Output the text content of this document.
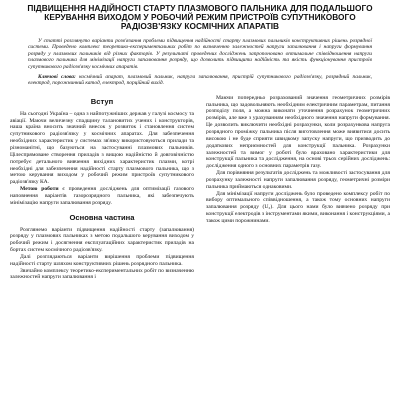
ПІДВИЩЕННЯ НАДІЙНОСТІ СТАРТУ ПЛАЗМОВОГО ПАЛЬНИКА ДЛЯ ПОДАЛЬШОГО КЕРУВАННЯ ВИХОДОМ У РОБОЧИЙ РЕЖИМ ПРИСТРОЇВ СУПУТНИКОВОГО РАДІОЗВ'ЯЗКУ КОСМІЧНИХ АПАРАТІВ

У статті розглянуто варіанти розв'язання проблеми підвищення надійності старту плазмових пальників конструктивних рішень розрядної системи. Проведено комплекс теоретико-експериментальних робіт по визначенню залежностей напруги запалювання і напруги формування розряду у плазмових пальників від різних факторів. У результаті проведених досліджень запропоновано оптимальне співвідношення напруги плазмового пальника для мінімізації напруги запалювання розряду, що дозволить підвищити надійність та якість функціонування пристроїв супутникового радіозв'язку космічних апаратів.

Ключові слова: космічний апарат, плазмовий пальник, напруга запалювання, пристрій супутникового радіозв'язку, розрядний пальник, електрод, порожнинний катод, електрод, порційний вихід.

Вступ

На сьогодні Україна – одна з найпотужніших держав у галузі космосу та авіації. Маючи величезну спадщину талановитих учених і конструкторів, наша країна вносить значний внесок у розвиток і становлення систем супутникового радіозв'язку у космічних апаратах. Для забезпечення необхідних характеристик у системах зв'язку використовуються прилади та різноманітні, що базуються на застосуванні плазмових пальників. Цілеспрямоване створення приладів з вищою надійністю й довговічністю потребує детального вивчення вихідних характеристик плазми, котрі необхідні для забезпечення надійності старту плазмового пальника, що з метою керування виходом у робочий режим пристроїв супутникового радіозв'язку КА.

Метою роботи є проведення досліджень для оптимізації газового наповнення варіантів газорозрядного пальника, які забезпечують мінімізацію напруги запалювання розряду.

Основна частина

Розглянемо варіанти підвищення надійності старту (запалювання) розряду у плазмових пальниках з метою подальшого керування виходом у робочий режим і досягнення експлуатаційних характеристик приладів на бортах систем космічного радіозв'язку.

Далі розглядаються варіанти вирішення проблеми підвищення надійності старту шляхом конструктивних рішень розрядного пальника.

Звичайно комплексу теоретико-експериментальних робіт по визначенню залежностей напруги запалювання і

Маючи попередньо розрахований значення геометричних розмірів пальника, що задовольняють необхідним електричним параметрам, питання розподілу поля, а можна виконати уточнення розрахунок геометричних розмірів, але вже з урахуванням необхідного значення напруги формування. Це дозволить виключити необхідні розрахунки, коли розрахункова напруга розрядного проміжку пальника після виготовлення може виявитися досить високою і не буде сприяти швидкому запуску напруги, що призводить до додаткових неприємностей для конструкції пальника. Розрахунки залежностей та вимог у роботі було враховано характеристики для конструкції пальника та дослідження, на основі трьох серійних досліджень: дослідження одного з основних параметрів газу.

Для порівняння результатів досліджень та можливості застосування для розрахунку залежності напруги запалювання розряду, геометричні розміри пальника приймаються однаковими.

Для мінімізації напруги досліджень було проведено комплексу робіт по вибору оптимального співвідношення, а також тому основних напруги запалювання розряду (U₂). Для цього нами було вивчено розряду при конструкції електродів з інструментами якими, виконання і конструкціями, а також цими порожнинами.
